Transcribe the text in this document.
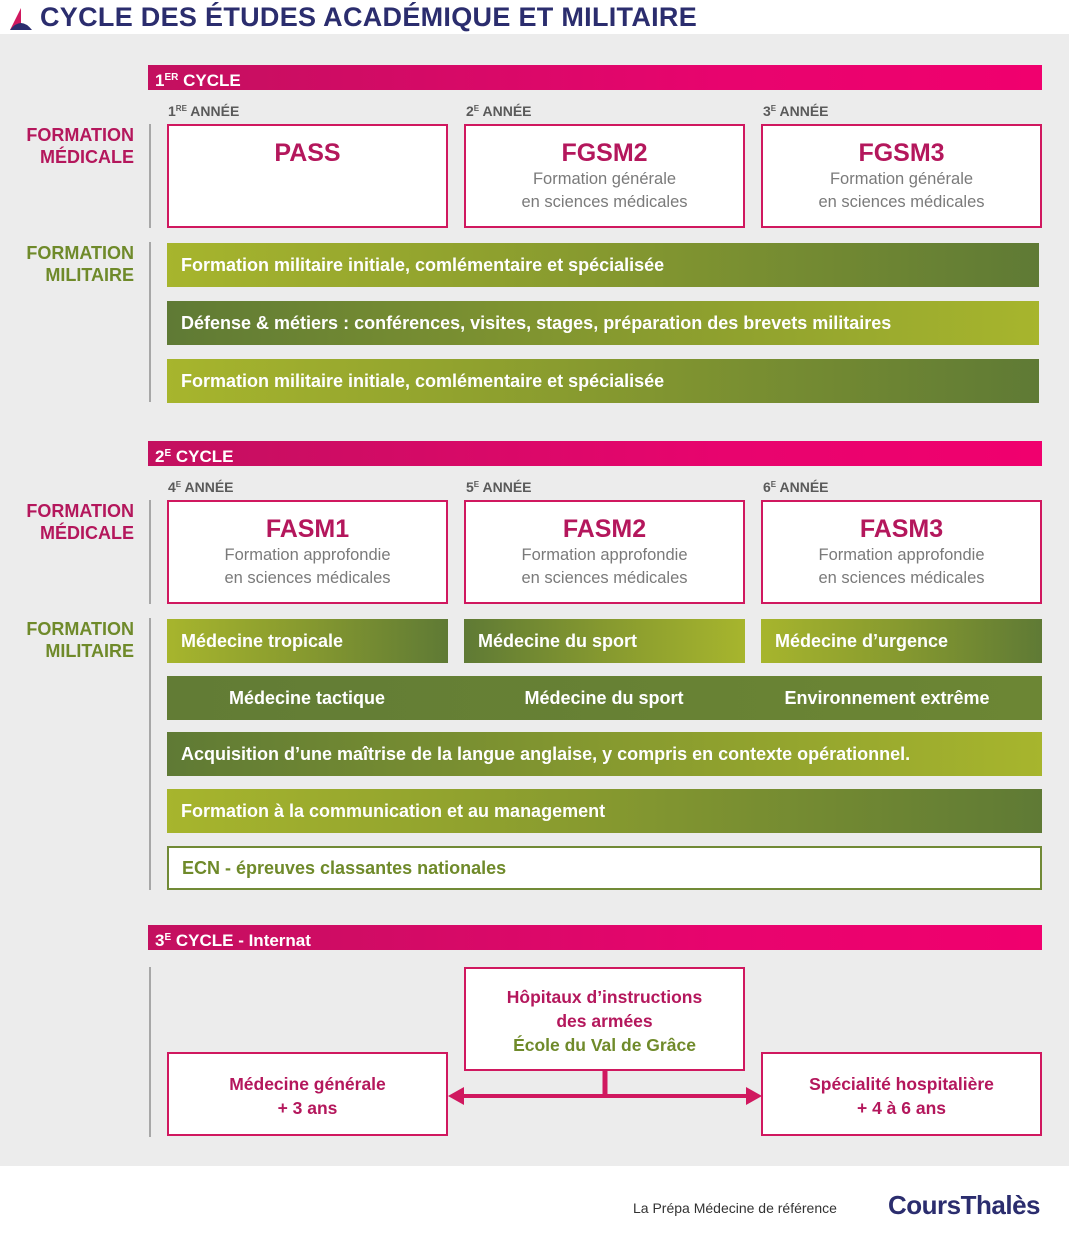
CYCLE DES ÉTUDES ACADÉMIQUE ET MILITAIRE
1ER CYCLE
1RE ANNÉE	$2^E$ ANNÉE	$3^E$ ANNÉE
FORMATION
MÉDICALE	PASS	FGSM2
Formation générale
en sciences médicales
FGSM3
Formation générale
en sciences médicales
FORMATION
MILITAIRE	Formation militaire initiale, comlémentaire et spécialisée
Défense & métiers : conférences, visites, stages, préparation des brevets militaires
Formation militaire initiale, comlémentaire et spécialisée
$2^E$ CYCLE
$4^E$ ANNÉE	$5^E$ ANNÉE	$6^E$ ANNÉE
FORMATION
MÉDICALE	FASM1
Formation approfondie
en sciences médicales
FASM2
Formation approfondie
en sciences médicales
FASM3
Formation approfondie
en sciences médicales
FORMATION
MILITAIRE	Médecine tropicale	Médecine du sport	Médecine d’urgence
Médecine tactique	Médecine du sport	Environnement extrême
Acquisition d’une maîtrise de la langue anglaise, y compris en contexte opérationnel.
Formation à la communication et au management
ECN - épreuves classantes nationales
$3^E$ CYCLE - Internat
Hôpitaux d’instructions
des armées
École du Val de Grâce
Médecine générale
+ 3 ans
Spécialité hospitalière
+ 4 à 6 ans
La Prépa Médecine de référence CoursThalès
